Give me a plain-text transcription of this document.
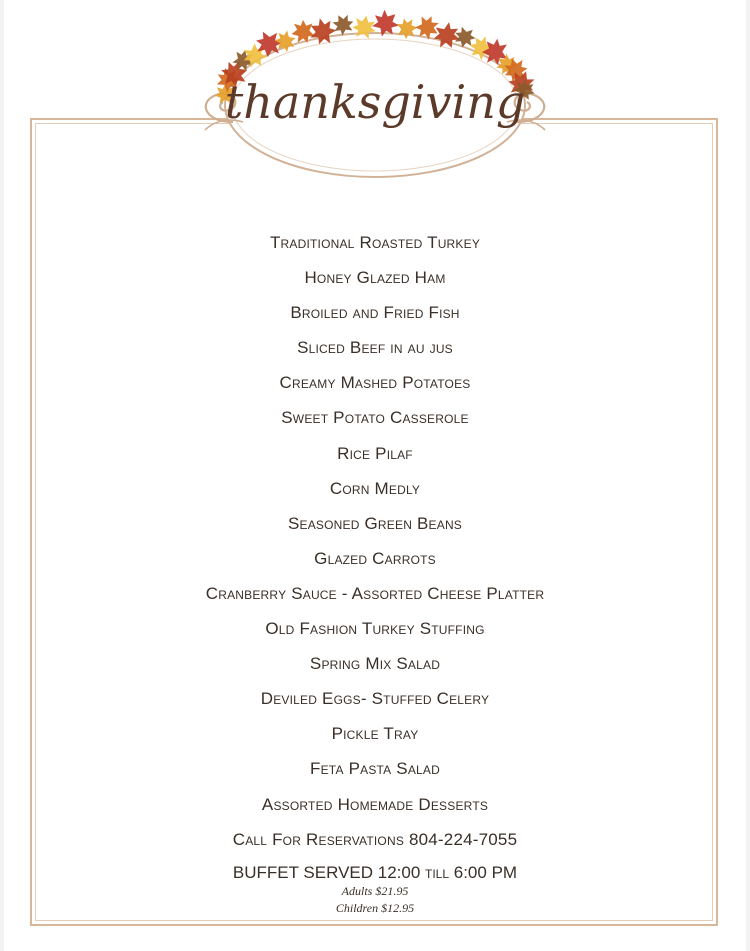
thanksgiving
Traditional Roasted Turkey
Honey Glazed Ham
Broiled and Fried Fish
Sliced Beef in au jus
Creamy Mashed Potatoes
Sweet Potato Casserole
Rice Pilaf
Corn Medly
Seasoned Green Beans
Glazed Carrots
Cranberry Sauce - Assorted Cheese Platter
Old Fashion Turkey Stuffing
Spring Mix Salad
Deviled Eggs- Stuffed Celery
Pickle Tray
Feta Pasta Salad
Assorted Homemade Desserts
Call For Reservations 804-224-7055
BUFFET SERVED 12:00 till 6:00 PM
Adults $21.95
Children $12.95
